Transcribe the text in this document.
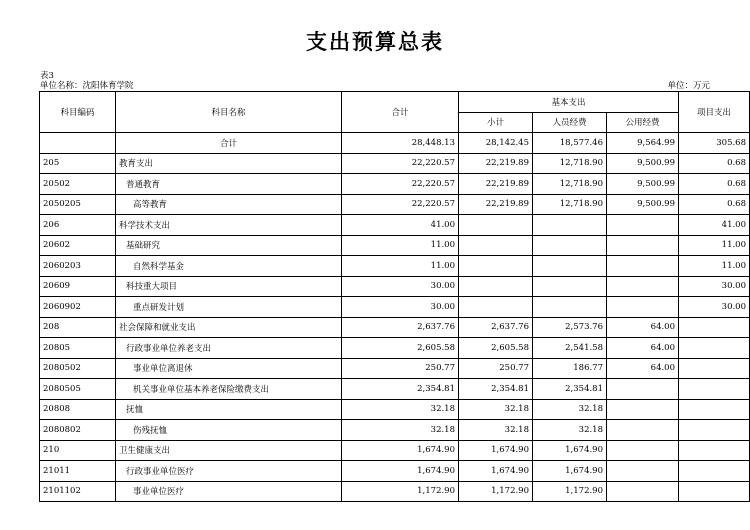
支出预算总表
表3
单位名称：沈阳体育学院	单位：万元
科目编码	科目名称	合计	基本支出			项目支出
			小计	人员经费	公用经费	
	合计	28,448.13	28,142.45	18,577.46	9,564.99	305.68
205	教育支出	22,220.57	22,219.89	12,718.90	9,500.99	0.68
20502	普通教育	22,220.57	22,219.89	12,718.90	9,500.99	0.68
2050205	高等教育	22,220.57	22,219.89	12,718.90	9,500.99	0.68
206	科学技术支出	41.00				41.00
20602	基础研究	11.00				11.00
2060203	自然科学基金	11.00				11.00
20609	科技重大项目	30.00				30.00
2060902	重点研发计划	30.00				30.00
208	社会保障和就业支出	2,637.76	2,637.76	2,573.76	64.00	
20805	行政事业单位养老支出	2,605.58	2,605.58	2,541.58	64.00	
2080502	事业单位离退休	250.77	250.77	186.77	64.00	
2080505	机关事业单位基本养老保险缴费支出	2,354.81	2,354.81	2,354.81		
20808	抚恤	32.18	32.18	32.18		
2080802	伤残抚恤	32.18	32.18	32.18		
210	卫生健康支出	1,674.90	1,674.90	1,674.90		
21011	行政事业单位医疗	1,674.90	1,674.90	1,674.90		
2101102	事业单位医疗	1,172.90	1,172.90	1,172.90		
